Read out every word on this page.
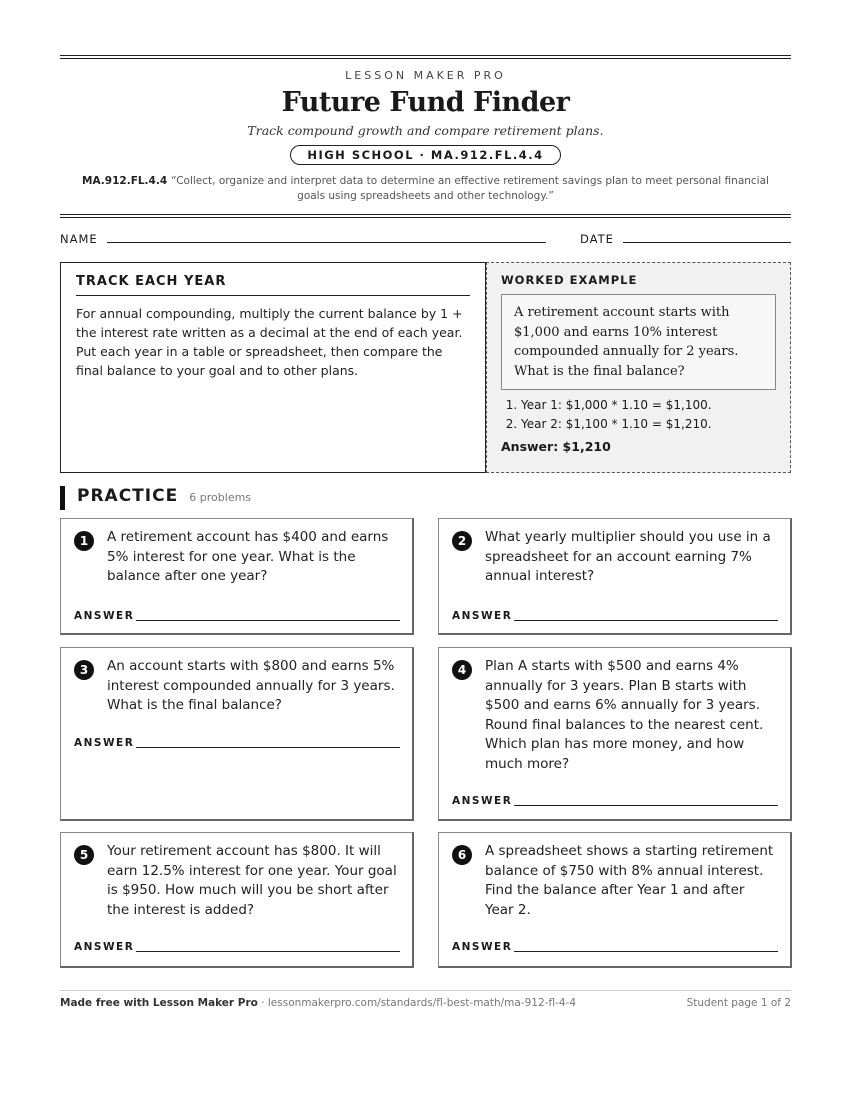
LESSON MAKER PRO
Future Fund Finder
Track compound growth and compare retirement plans.
HIGH SCHOOL · MA.912.FL.4.4
MA.912.FL.4.4 “Collect, organize and interpret data to determine an effective retirement savings plan to meet personal financial goals using spreadsheets and other technology.”
NAME	DATE
TRACK EACH YEAR

For annual compounding, multiply the current balance by 1 + the interest rate written as a decimal at the end of each year. Put each year in a table or spreadsheet, then compare the final balance to your goal and to other plans.

WORKED EXAMPLE
A retirement account starts with $1,000 and earns 10% interest compounded annually for 2 years. What is the final balance?
1. Year 1: $1,000 * 1.10 = $1,100.
2. Year 2: $1,100 * 1.10 = $1,210.
Answer: $1,210
PRACTICE 6 problems
1	A retirement account has $400 and earns 5% interest for one year. What is the balance after one year?
ANSWER
2	What yearly multiplier should you use in a spreadsheet for an account earning 7% annual interest?
ANSWER
3	An account starts with $800 and earns 5% interest compounded annually for 3 years. What is the final balance?
ANSWER
4	Plan A starts with $500 and earns 4% annually for 3 years. Plan B starts with $500 and earns 6% annually for 3 years. Round final balances to the nearest cent. Which plan has more money, and how much more?
ANSWER
5	Your retirement account has $800. It will earn 12.5% interest for one year. Your goal is $950. How much will you be short after the interest is added?
ANSWER
6	A spreadsheet shows a starting retirement balance of $750 with 8% annual interest. Find the balance after Year 1 and after Year 2.
ANSWER
Made free with Lesson Maker Pro · lessonmakerpro.com/standards/fl-best-math/ma-912-fl-4-4	Student page 1 of 2
